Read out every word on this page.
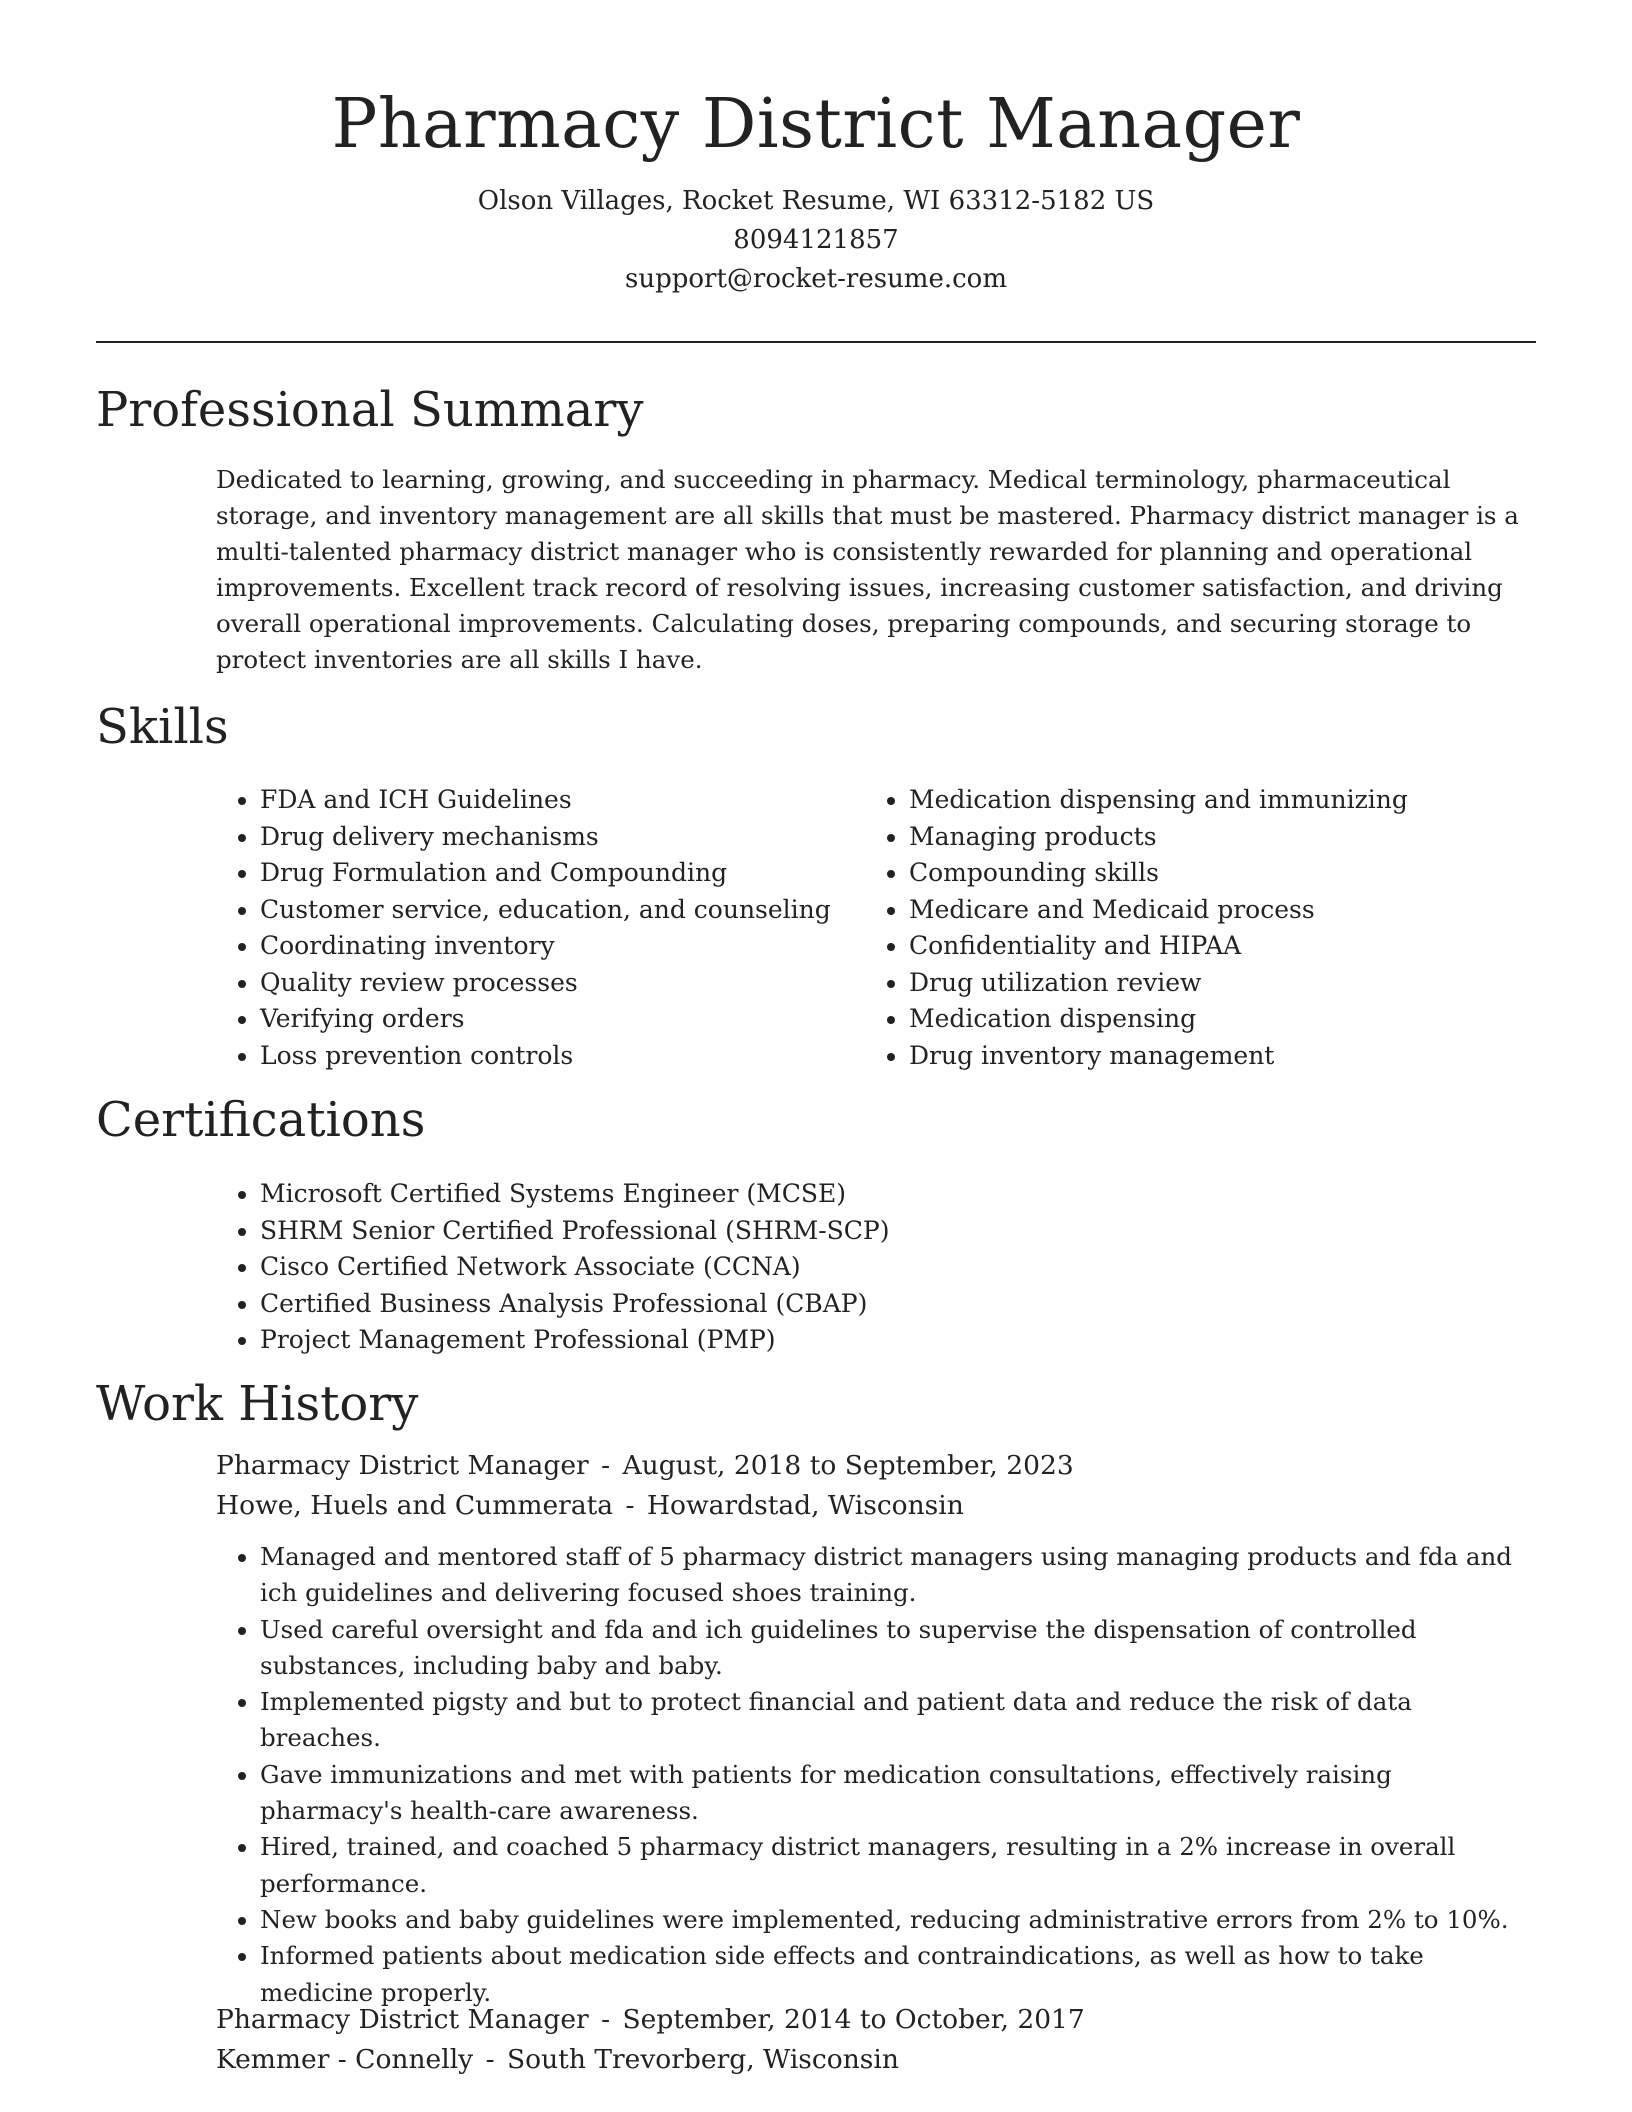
Pharmacy District Manager
Olson Villages, Rocket Resume, WI 63312-5182 US
8094121857
support@rocket-resume.com
Professional Summary

Dedicated to learning, growing, and succeeding in pharmacy. Medical terminology, pharmaceutical storage, and inventory management are all skills that must be mastered. Pharmacy district manager is a multi-talented pharmacy district manager who is consistently rewarded for planning and operational improvements. Excellent track record of resolving issues, increasing customer satisfaction, and driving overall operational improvements. Calculating doses, preparing compounds, and securing storage to protect inventories are all skills I have.

Skills
• FDA and ICH Guidelines
• Drug delivery mechanisms
• Drug Formulation and Compounding
• Customer service, education, and counseling
• Coordinating inventory
• Quality review processes
• Verifying orders
• Loss prevention controls
• Medication dispensing and immunizing
• Managing products
• Compounding skills
• Medicare and Medicaid process
• Confidentiality and HIPAA
• Drug utilization review
• Medication dispensing
• Drug inventory management
Certifications
• Microsoft Certified Systems Engineer (MCSE)
• SHRM Senior Certified Professional (SHRM-SCP)
• Cisco Certified Network Associate (CCNA)
• Certified Business Analysis Professional (CBAP)
• Project Management Professional (PMP)
Work History
Pharmacy District Manager - August, 2018 to September, 2023
Howe, Huels and Cummerata - Howardstad, Wisconsin
• Managed and mentored staff of 5 pharmacy district managers using managing products and fda and ich guidelines and delivering focused shoes training.
• Used careful oversight and fda and ich guidelines to supervise the dispensation of controlled substances, including baby and baby.
• Implemented pigsty and but to protect financial and patient data and reduce the risk of data breaches.
• Gave immunizations and met with patients for medication consultations, effectively raising pharmacy's health-care awareness.
• Hired, trained, and coached 5 pharmacy district managers, resulting in a 2% increase in overall performance.
• New books and baby guidelines were implemented, reducing administrative errors from 2% to 10%.
• Informed patients about medication side effects and contraindications, as well as how to take medicine properly.
Pharmacy District Manager - September, 2014 to October, 2017
Kemmer - Connelly - South Trevorberg, Wisconsin
